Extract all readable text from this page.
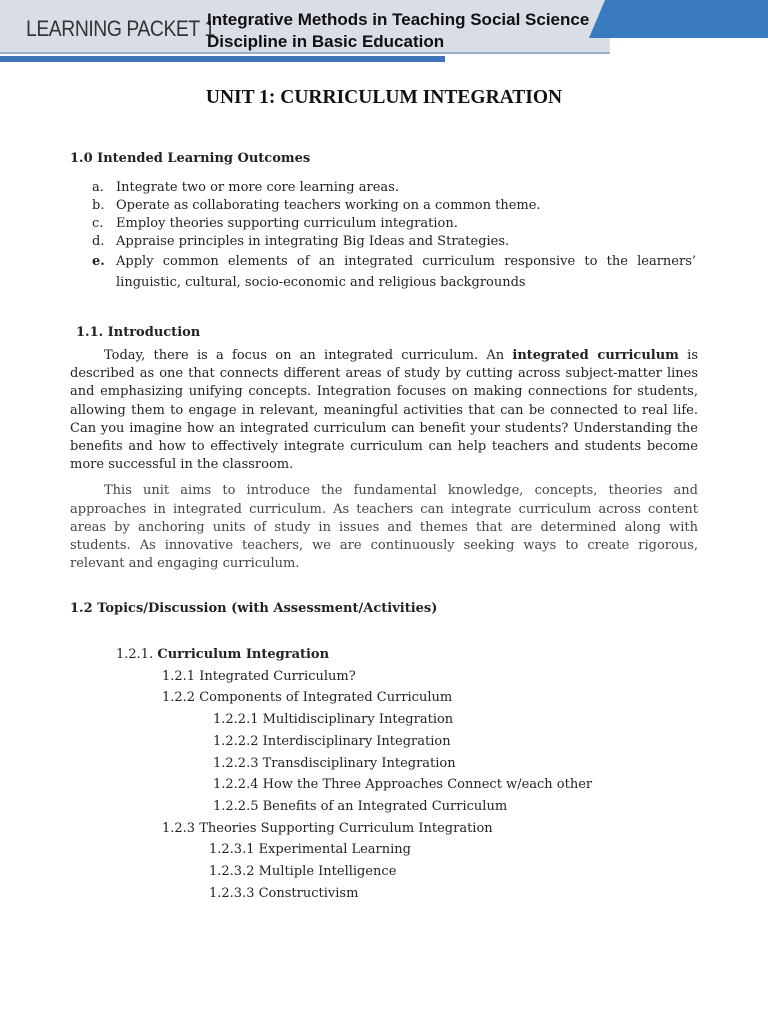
LEARNING PACKET 1
Integrative Methods in Teaching Social Science
Discipline in Basic Education
UNIT 1: CURRICULUM INTEGRATION
1.0 Intended Learning Outcomes
a. Integrate two or more core learning areas.
b. Operate as collaborating teachers working on a common theme.
c. Employ theories supporting curriculum integration.
d. Appraise principles in integrating Big Ideas and Strategies.
e. Apply common elements of an integrated curriculum responsive to the learners’ linguistic, cultural, socio-economic and religious backgrounds
1.1. Introduction

Today, there is a focus on an integrated curriculum. An integrated curriculum is described as one that connects different areas of study by cutting across subject-matter lines and emphasizing unifying concepts. Integration focuses on making connections for students, allowing them to engage in relevant, meaningful activities that can be connected to real life. Can you imagine how an integrated curriculum can benefit your students? Understanding the benefits and how to effectively integrate curriculum can help teachers and students become more successful in the classroom.

This unit aims to introduce the fundamental knowledge, concepts, theories and approaches in integrated curriculum. As teachers can integrate curriculum across content areas by anchoring units of study in issues and themes that are determined along with students. As innovative teachers, we are continuously seeking ways to create rigorous, relevant and engaging curriculum.

1.2 Topics/Discussion (with Assessment/Activities)
1.2.1. Curriculum Integration
1.2.1 Integrated Curriculum?
1.2.2 Components of Integrated Curriculum
1.2.2.1 Multidisciplinary Integration
1.2.2.2 Interdisciplinary Integration
1.2.2.3 Transdisciplinary Integration
1.2.2.4 How the Three Approaches Connect w/each other
1.2.2.5 Benefits of an Integrated Curriculum
1.2.3 Theories Supporting Curriculum Integration
1.2.3.1 Experimental Learning
1.2.3.2 Multiple Intelligence
1.2.3.3 Constructivism
